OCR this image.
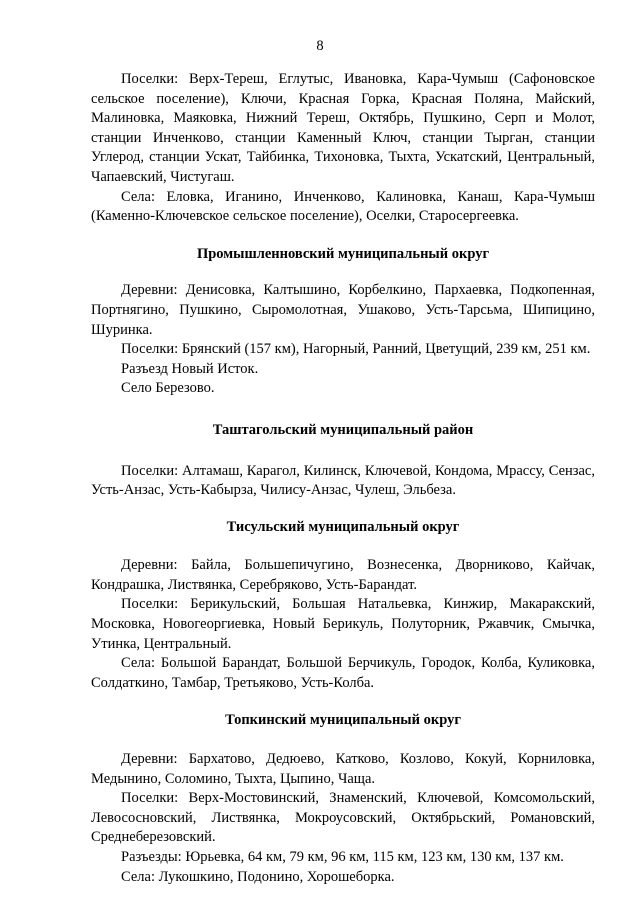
8

Поселки: Верх-Тереш, Еглутыс, Ивановка, Кара-Чумыш (Сафоновское сельское поселение), Ключи, Красная Горка, Красная Поляна, Майский, Малиновка, Маяковка, Нижний Тереш, Октябрь, Пушкино, Серп и Молот, станции Инченково, станции Каменный Ключ, станции Тырган, станции Углерод, станции Ускат, Тайбинка, Тихоновка, Тыхта, Ускатский, Центральный, Чапаевский, Чистугаш.

Села: Еловка, Иганино, Инченково, Калиновка, Канаш, Кара-Чумыш (Каменно-Ключевское сельское поселение), Оселки, Старосергеевка.

Промышленновский муниципальный округ

Деревни: Денисовка, Калтышино, Корбелкино, Пархаевка, Подкопенная, Портнягино, Пушкино, Сыромолотная, Ушаково, Усть-Тарсьма, Шипицино, Шуринка.

Поселки: Брянский (157 км), Нагорный, Ранний, Цветущий, 239 км, 251 км.

Разъезд Новый Исток.

Село Березово.

Таштагольский муниципальный район

Поселки: Алтамаш, Карагол, Килинск, Ключевой, Кондома, Мрассу, Сензас, Усть-Анзас, Усть-Кабырза, Чилису-Анзас, Чулеш, Эльбеза.

Тисульский муниципальный округ

Деревни: Байла, Большепичугино, Вознесенка, Дворниково, Кайчак, Кондрашка, Листвянка, Серебряково, Усть-Барандат.

Поселки: Берикульский, Большая Натальевка, Кинжир, Макаракский, Московка, Новогеоргиевка, Новый Берикуль, Полуторник, Ржавчик, Смычка, Утинка, Центральный.

Села: Большой Барандат, Большой Берчикуль, Городок, Колба, Куликовка, Солдаткино, Тамбар, Третьяково, Усть-Колба.

Топкинский муниципальный округ

Деревни: Бархатово, Дедюево, Катково, Козлово, Кокуй, Корниловка, Медынино, Соломино, Тыхта, Цыпино, Чаща.

Поселки: Верх-Мостовинский, Знаменский, Ключевой, Комсомольский, Левососновский, Листвянка, Мокроусовский, Октябрьский, Романовский, Среднеберезовский.

Разъезды: Юрьевка, 64 км, 79 км, 96 км, 115 км, 123 км, 130 км, 137 км.

Села: Лукошкино, Подонино, Хорошеборка.
